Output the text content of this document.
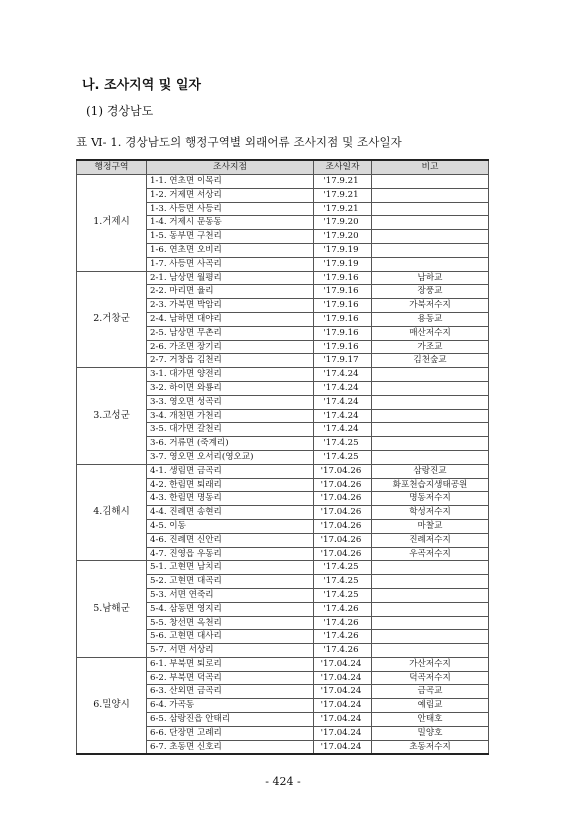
나. 조사지역 및 일자
(1) 경상남도
표 Ⅵ- 1. 경상남도의 행정구역별 외래어류 조사지점 및 조사일자
행정구역	조사지점	조사일자	비고
1.거제시	1-1. 연초면 이목리	'17.9.21	
	1-2. 거제면 서상리	'17.9.21	
	1-3. 사등면 사등리	'17.9.21	
	1-4. 거제시 문동동	'17.9.20	
	1-5. 동부면 구천리	'17.9.20	
	1-6. 연초면 오비리	'17.9.19	
	1-7. 사등면 사곡리	'17.9.19	
2.거창군	2-1. 남상면 월평리	'17.9.16	남하교
	2-2. 마리면 율리	'17.9.16	장풍교
	2-3. 가북면 박암리	'17.9.16	가북저수지
	2-4. 남하면 대야리	'17.9.16	용동교
	2-5. 남상면 무촌리	'17.9.16	매산저수지
	2-6. 가조면 장기리	'17.9.16	가조교
	2-7. 거창읍 김천리	'17.9.17	김천숲교
3.고성군	3-1. 대가면 양전리	'17.4.24	
	3-2. 하이면 와룡리	'17.4.24	
	3-3. 영오면 성곡리	'17.4.24	
	3-4. 개천면 가천리	'17.4.24	
	3-5. 대가면 갈천리	'17.4.24	
	3-6. 거류면 (죽계리)	'17.4.25	
	3-7. 영오면 오서리(영오교)	'17.4.25	
4.김해시	4-1. 생림면 금곡리	'17.04.26	삼랑진교
	4-2. 한림면 퇴래리	'17.04.26	화포천습지생태공원
	4-3. 한림면 명동리	'17.04.26	명동저수지
	4-4. 진례면 송현리	'17.04.26	학성저수지
	4-5. 이동	'17.04.26	마찰교
	4-6. 진례면 신안리	'17.04.26	진례저수지
	4-7. 진영읍 우동리	'17.04.26	우곡저수지
5.남해군	5-1. 고현면 남치리	'17.4.25	
	5-2. 고현면 대곡리	'17.4.25	
	5-3. 서면 연죽리	'17.4.25	
	5-4. 삼동면 영지리	'17.4.26	
	5-5. 창선면 옥천리	'17.4.26	
	5-6. 고현면 대사리	'17.4.26	
	5-7. 서면 서상리	'17.4.26	
6.밀양시	6-1. 부북면 퇴로리	'17.04.24	가산저수지
	6-2. 부북면 덕곡리	'17.04.24	덕곡저수지
	6-3. 산외면 금곡리	'17.04.24	금곡교
	6-4. 가곡동	'17.04.24	예림교
	6-5. 삼랑진읍 안태리	'17.04.24	안태호
	6-6. 단장면 고례리	'17.04.24	밀양호
	6-7. 초동면 신호리	'17.04.24	초동저수지
- 424 -
